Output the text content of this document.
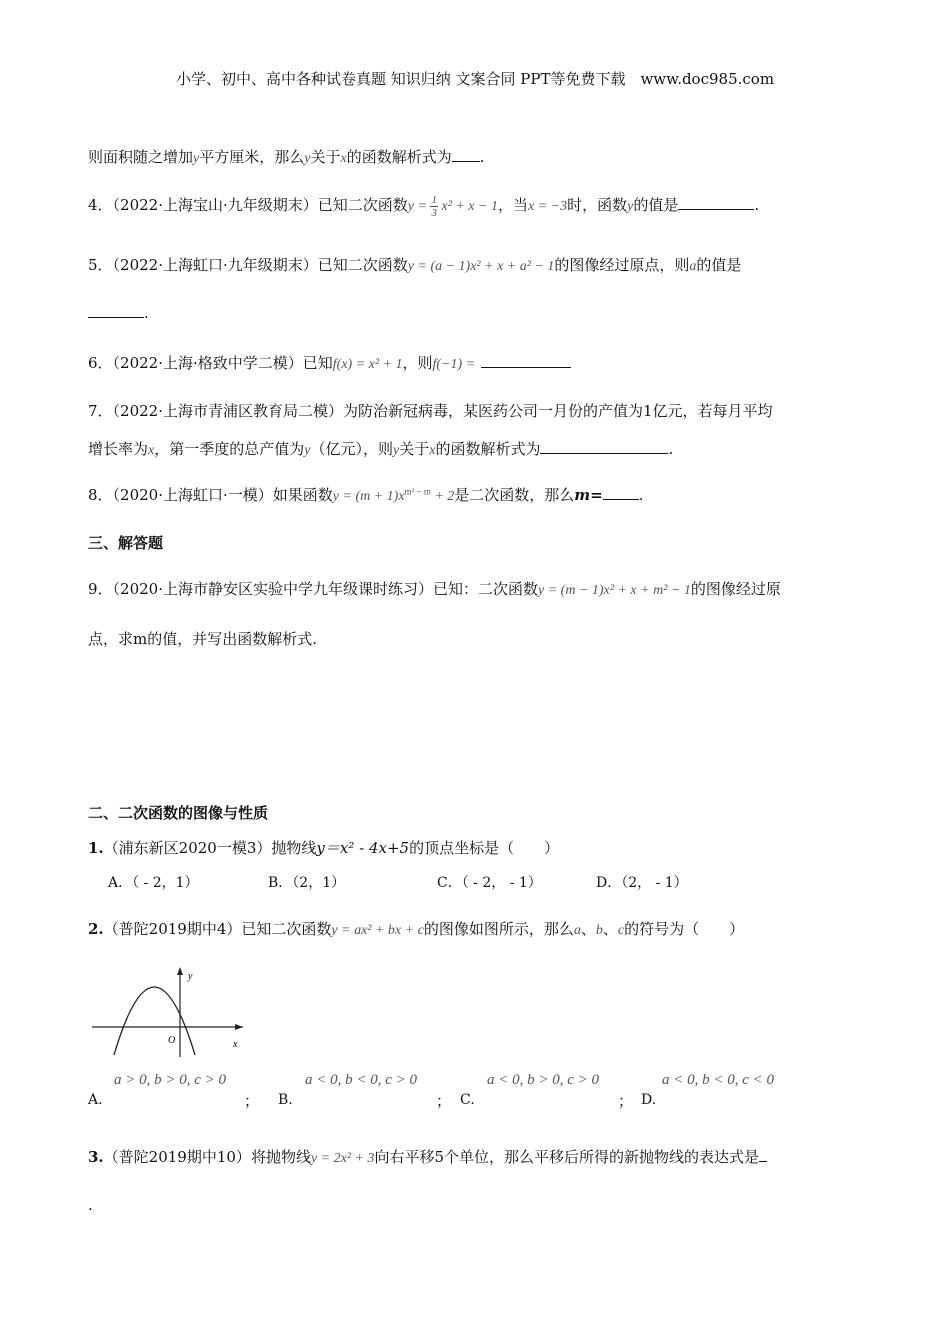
小学、初中、高中各种试卷真题 知识归纳 文案合同 PPT等免费下载　www.doc985.com
则面积随之增加y平方厘米，那么y关于x的函数解析式为 .
4．（2022·上海宝山·九年级期末）已知二次函数$y = \frac{1}{3} x^2 + x - 1$，当x = −3时，函数y的值是	.
5．（2022·上海虹口·九年级期末）已知二次函数y = (a − 1)x² + x + a² − 1的图像经过原点，则a的值是
.
6．（2022·上海·格致中学二模）已知f(x) = x² + 1，则f(−1) =
7．（2022·上海市青浦区教育局二模）为防治新冠病毒，某医药公司一月份的产值为1亿元，若每月平均
增长率为x，第一季度的总产值为y（亿元），则y关于x的函数解析式为	.
8．（2020·上海虹口·一模）如果函数$y = (m + 1)x^{m^2 - m} + 2$是二次函数，那么m= .
三、解答题
9．（2020·上海市静安区实验中学九年级课时练习）已知：二次函数y = (m − 1)x² + x + m² − 1的图像经过原
点，求m的值，并写出函数解析式.
二、二次函数的图像与性质
1.（浦东新区2020一模3）抛物线y＝x² - 4x+5的顶点坐标是（　　）
A．（ - 2，1）	B．（2，1）	C．（ - 2， - 1）	D．（2， - 1）
2.（普陀2019期中4）已知二次函数y = ax² + bx + c的图像如图所示，那么a、b、c的符号为（　　）
y
x
O
A.
a > 0, b > 0, c > 0
； B.
a < 0, b < 0, c > 0
； C.
a < 0, b > 0, c > 0
； D.
a < 0, b < 0, c < 0
3.（普陀2019期中10）将抛物线y = 2x² + 3向右平移5个单位，那么平移后所得的新抛物线的表达式是
.
